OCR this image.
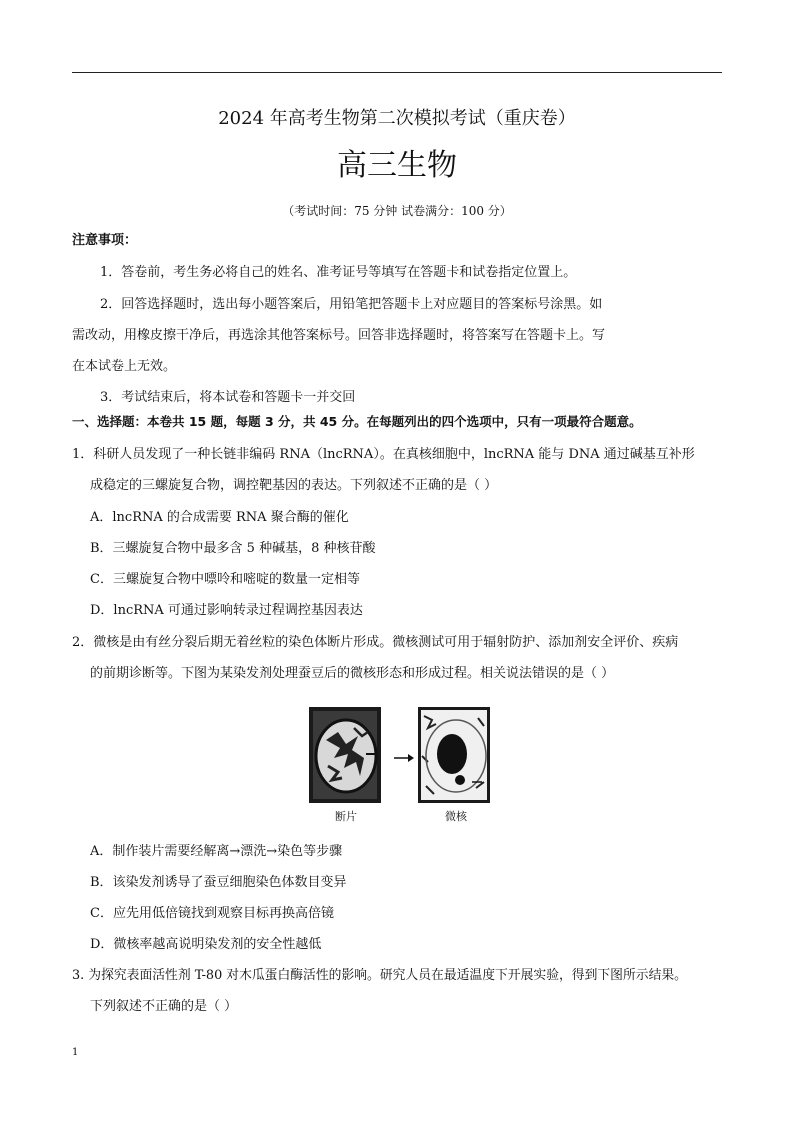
2024 年高考生物第二次模拟考试（重庆卷）
高三生物
（考试时间：75 分钟 试卷满分：100 分）
注意事项：
1．答卷前，考生务必将自己的姓名、准考证号等填写在答题卡和试卷指定位置上。
2．回答选择题时，选出每小题答案后，用铅笔把答题卡上对应题目的答案标号涂黑。如
需改动，用橡皮擦干净后，再选涂其他答案标号。回答非选择题时，将答案写在答题卡上。写
在本试卷上无效。
3．考试结束后，将本试卷和答题卡一并交回
一、选择题：本卷共 15 题，每题 3 分，共 45 分。在每题列出的四个选项中，只有一项最符合题意。
1．科研人员发现了一种长链非编码 RNA（lncRNA）。在真核细胞中，lncRNA 能与 DNA 通过碱基互补形
成稳定的三螺旋复合物，调控靶基因的表达。下列叙述不正确的是（ ）
A．lncRNA 的合成需要 RNA 聚合酶的催化
B．三螺旋复合物中最多含 5 种碱基，8 种核苷酸
C．三螺旋复合物中嘌呤和嘧啶的数量一定相等
D．lncRNA 可通过影响转录过程调控基因表达
2．微核是由有丝分裂后期无着丝粒的染色体断片形成。微核测试可用于辐射防护、添加剂安全评价、疾病
的前期诊断等。下图为某染发剂处理蚕豆后的微核形态和形成过程。相关说法错误的是（ ）
断片	微核
A．制作装片需要经解离→漂洗→染色等步骤
B．该染发剂诱导了蚕豆细胞染色体数目变异
C．应先用低倍镜找到观察目标再换高倍镜
D．微核率越高说明染发剂的安全性越低
3. 为探究表面活性剂 T-80 对木瓜蛋白酶活性的影响。研究人员在最适温度下开展实验，得到下图所示结果。
下列叙述不正确的是（ ）
1
